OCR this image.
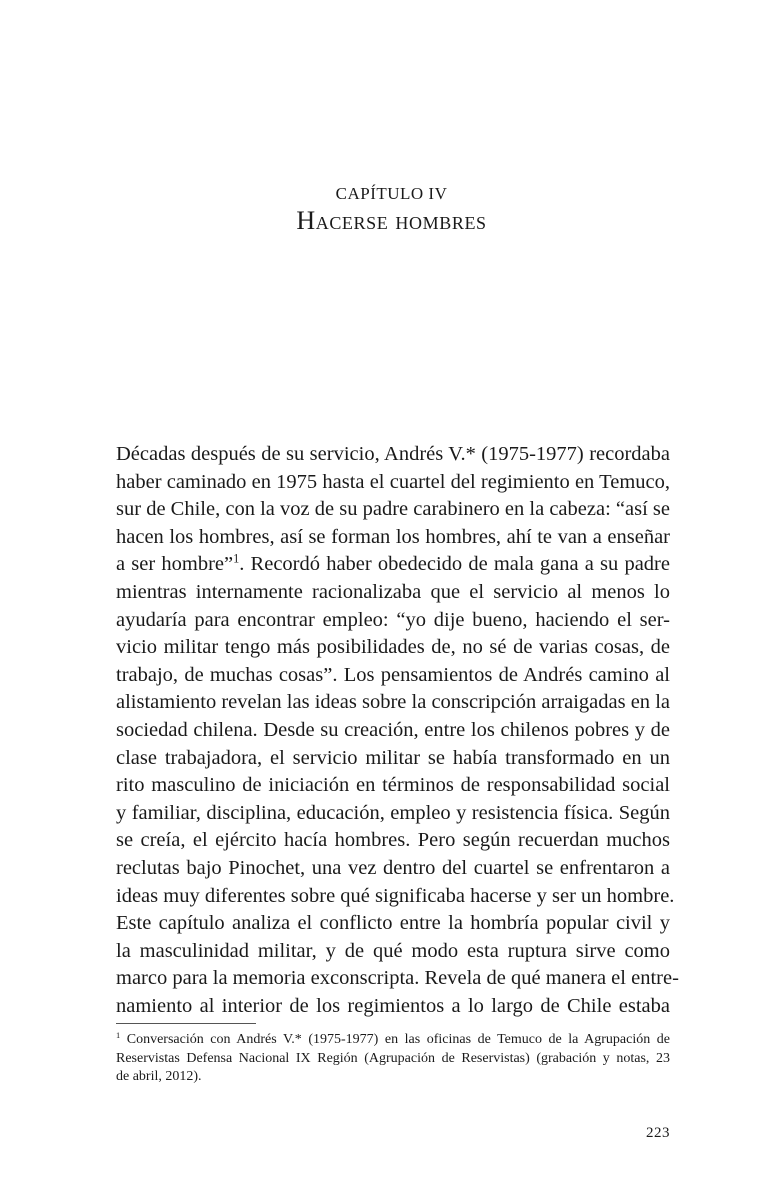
CAPÍTULO IV
Hacerse hombres
Décadas después de su servicio, Andrés V.* (1975-1977) recordaba
haber caminado en 1975 hasta el cuartel del regimiento en Temuco,
sur de Chile, con la voz de su padre carabinero en la cabeza: “así se
hacen los hombres, así se forman los hombres, ahí te van a enseñar
a ser hombre”$^1$. Recordó haber obedecido de mala gana a su padre
mientras internamente racionalizaba que el servicio al menos lo
ayudaría para encontrar empleo: “yo dije bueno, haciendo el ser-
vicio militar tengo más posibilidades de, no sé de varias cosas, de
trabajo, de muchas cosas”. Los pensamientos de Andrés camino al
alistamiento revelan las ideas sobre la conscripción arraigadas en la
sociedad chilena. Desde su creación, entre los chilenos pobres y de
clase trabajadora, el servicio militar se había transformado en un
rito masculino de iniciación en términos de responsabilidad social
y familiar, disciplina, educación, empleo y resistencia física. Según
se creía, el ejército hacía hombres. Pero según recuerdan muchos
reclutas bajo Pinochet, una vez dentro del cuartel se enfrentaron a
ideas muy diferentes sobre qué significaba hacerse y ser un hombre.
Este capítulo analiza el conflicto entre la hombría popular civil y
la masculinidad militar, y de qué modo esta ruptura sirve como
marco para la memoria exconscripta. Revela de qué manera el entre-
namiento al interior de los regimientos a lo largo de Chile estaba
$^1$ Conversación con Andrés V.* (1975-1977) en las oficinas de Temuco de la Agrupación de
Reservistas Defensa Nacional IX Región (Agrupación de Reservistas) (grabación y notas, 23
de abril, 2012).
223
